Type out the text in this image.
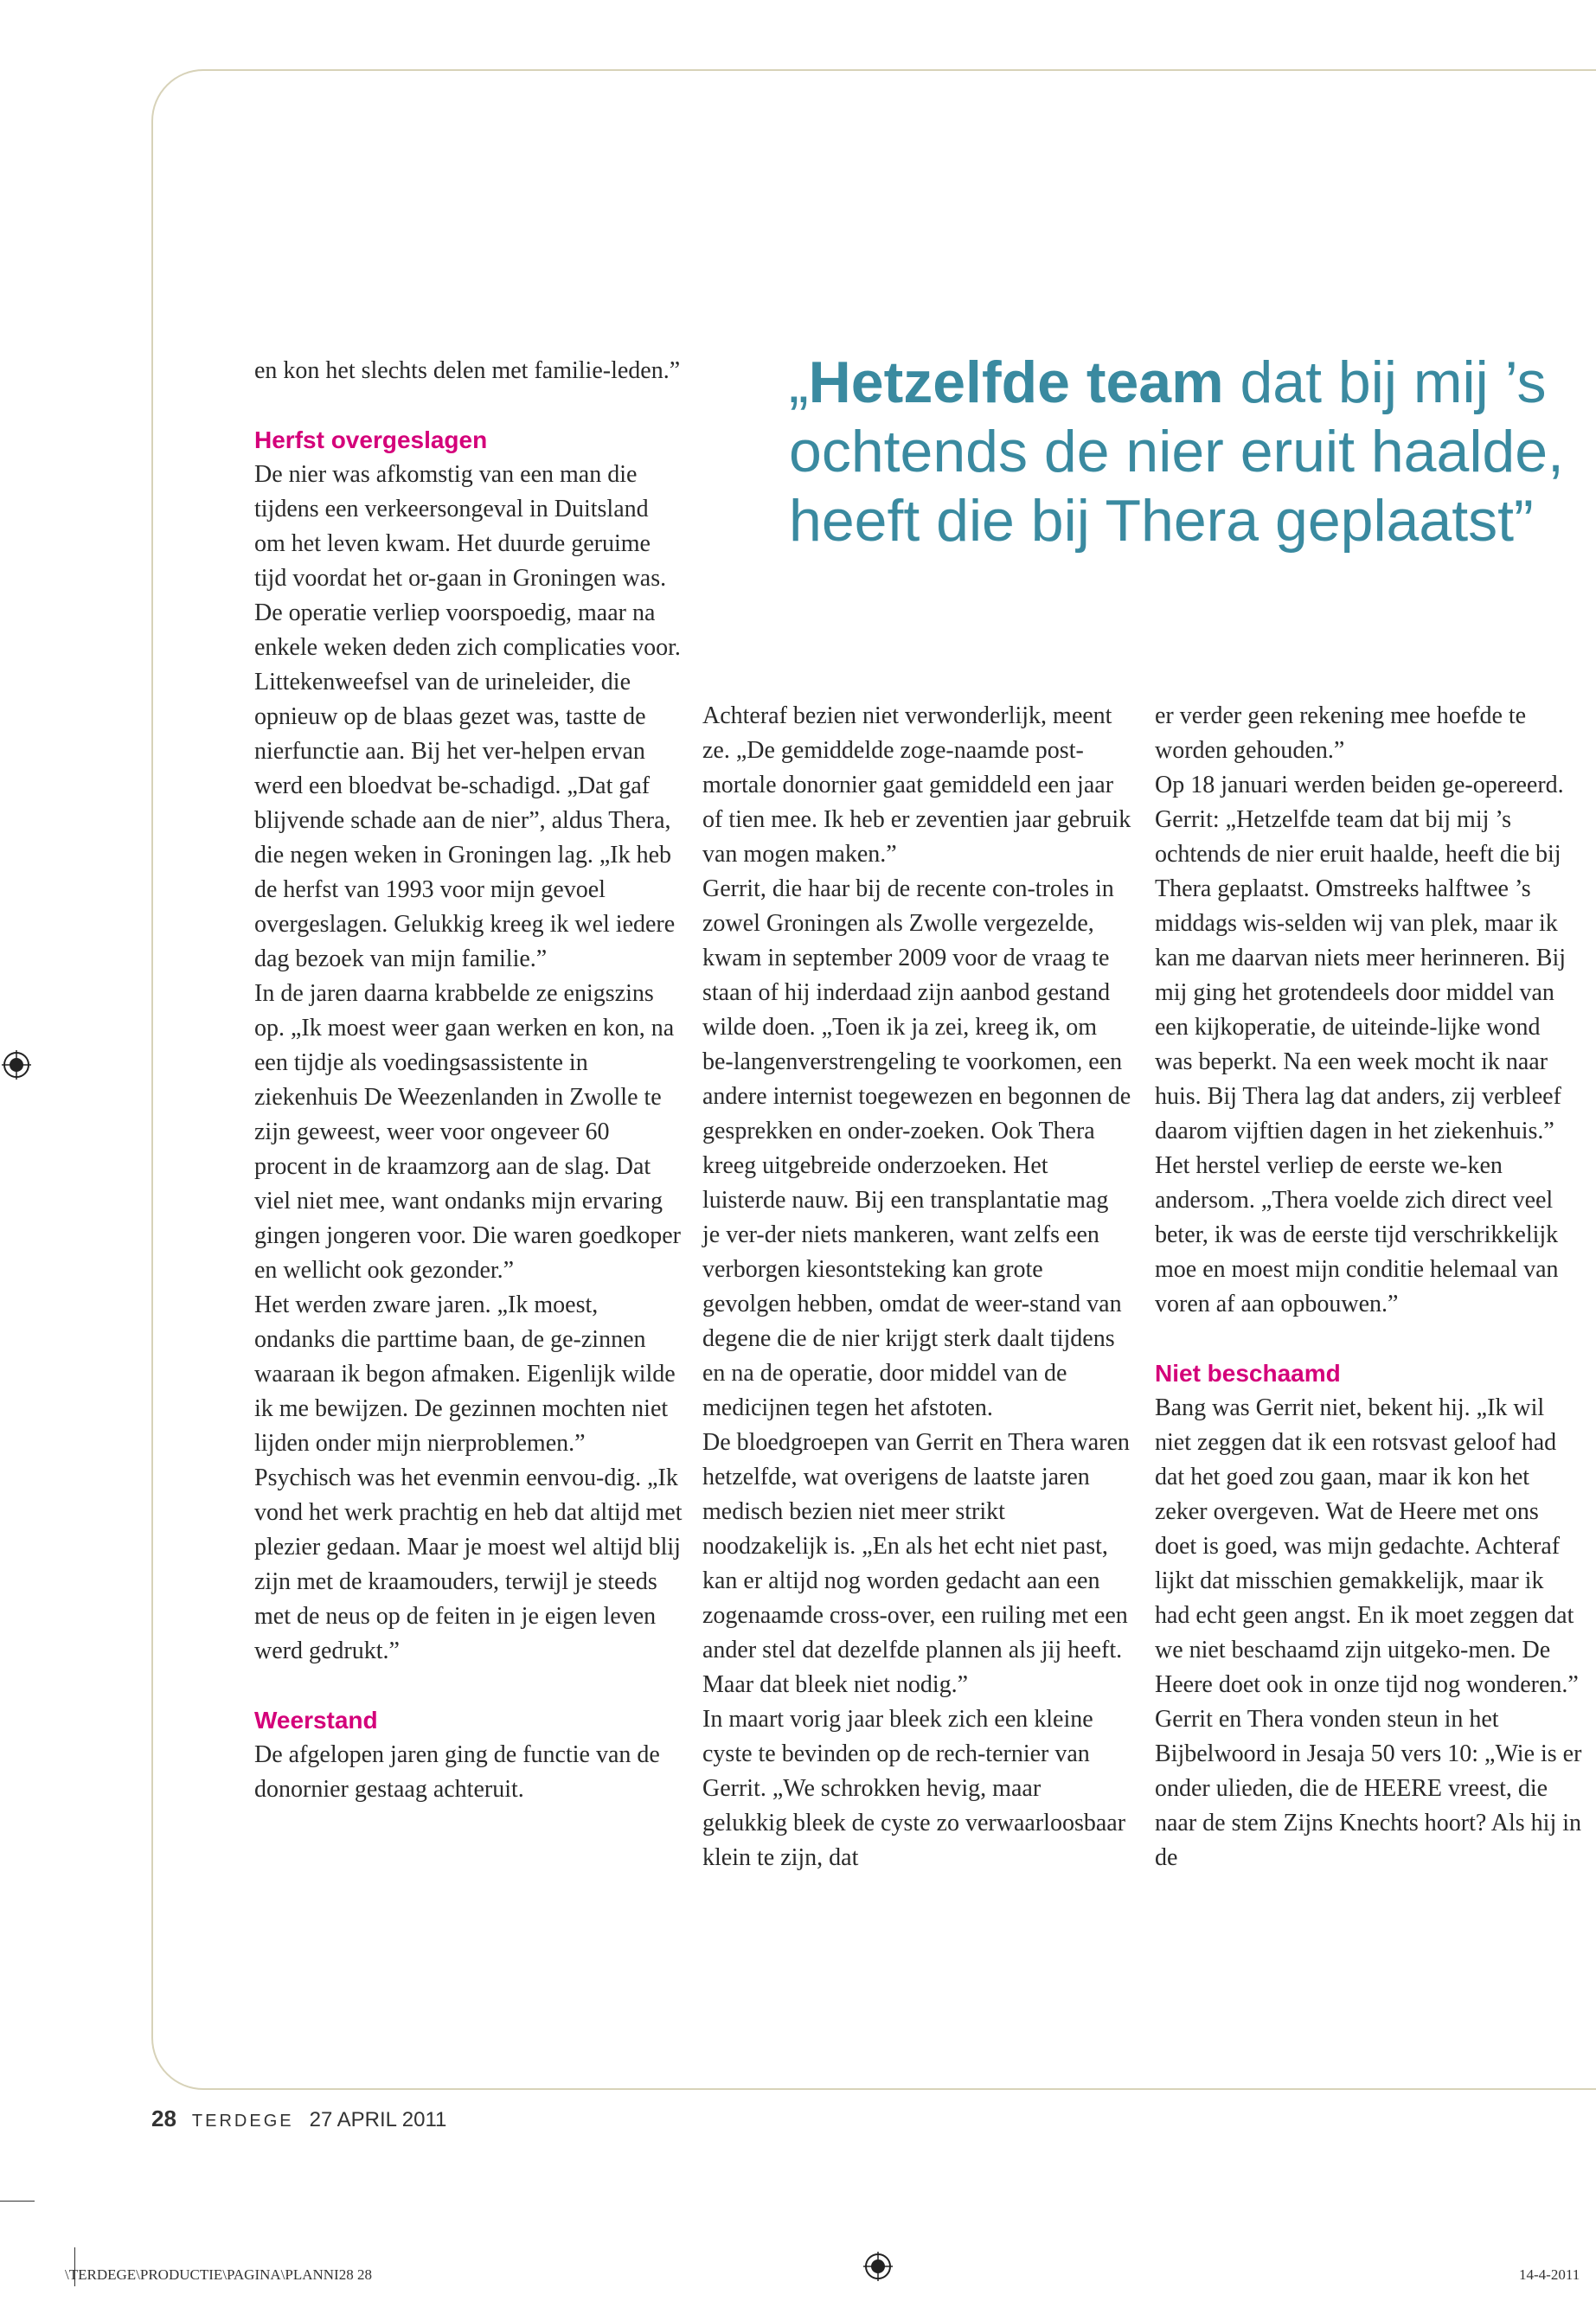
en kon het slechts delen met familie-leden.”

Herfst overgeslagen

De nier was afkomstig van een man die tijdens een verkeersongeval in Duitsland om het leven kwam. Het duurde geruime tijd voordat het or-gaan in Groningen was. De operatie verliep voorspoedig, maar na enkele weken deden zich complicaties voor. Littekenweefsel van de urineleider, die opnieuw op de blaas gezet was, tastte de nierfunctie aan. Bij het ver-helpen ervan werd een bloedvat be-schadigd. „Dat gaf blijvende schade aan de nier”, aldus Thera, die negen weken in Groningen lag. „Ik heb de herfst van 1993 voor mijn gevoel overgeslagen. Gelukkig kreeg ik wel iedere dag bezoek van mijn familie.”

In de jaren daarna krabbelde ze enigszins op. „Ik moest weer gaan werken en kon, na een tijdje als voedingsassistente in ziekenhuis De Weezenlanden in Zwolle te zijn geweest, weer voor ongeveer 60 procent in de kraamzorg aan de slag. Dat viel niet mee, want ondanks mijn ervaring gingen jongeren voor. Die waren goedkoper en wellicht ook gezonder.”

Het werden zware jaren. „Ik moest, ondanks die parttime baan, de ge-zinnen waaraan ik begon afmaken. Eigenlijk wilde ik me bewijzen. De gezinnen mochten niet lijden onder mijn nierproblemen.”

Psychisch was het evenmin eenvou-dig. „Ik vond het werk prachtig en heb dat altijd met plezier gedaan. Maar je moest wel altijd blij zijn met de kraamouders, terwijl je steeds met de neus op de feiten in je eigen leven werd gedrukt.”

Weerstand

De afgelopen jaren ging de functie van de donornier gestaag achteruit.

„Hetzelfde team dat bij mij ’s ochtends de nier eruit haalde, heeft die bij Thera geplaatst”

Achteraf bezien niet verwonderlijk, meent ze. „De gemiddelde zoge-naamde post-mortale donornier gaat gemiddeld een jaar of tien mee. Ik heb er zeventien jaar gebruik van mogen maken.”

Gerrit, die haar bij de recente con-troles in zowel Groningen als Zwolle vergezelde, kwam in september 2009 voor de vraag te staan of hij inderdaad zijn aanbod gestand wilde doen. „Toen ik ja zei, kreeg ik, om be-langenverstrengeling te voorkomen, een andere internist toegewezen en begonnen de gesprekken en onder-zoeken. Ook Thera kreeg uitgebreide onderzoeken. Het luisterde nauw. Bij een transplantatie mag je ver-der niets mankeren, want zelfs een verborgen kiesontsteking kan grote gevolgen hebben, omdat de weer-stand van degene die de nier krijgt sterk daalt tijdens en na de operatie, door middel van de medicijnen tegen het afstoten.

De bloedgroepen van Gerrit en Thera waren hetzelfde, wat overigens de laatste jaren medisch bezien niet meer strikt noodzakelijk is. „En als het echt niet past, kan er altijd nog worden gedacht aan een zogenaamde cross-over, een ruiling met een ander stel dat dezelfde plannen als jij heeft. Maar dat bleek niet nodig.”

In maart vorig jaar bleek zich een kleine cyste te bevinden op de rech-ternier van Gerrit. „We schrokken hevig, maar gelukkig bleek de cyste zo verwaarloosbaar klein te zijn, dat

er verder geen rekening mee hoefde te worden gehouden.”

Op 18 januari werden beiden ge-opereerd. Gerrit: „Hetzelfde team dat bij mij ’s ochtends de nier eruit haalde, heeft die bij Thera geplaatst. Omstreeks halftwee ’s middags wis-selden wij van plek, maar ik kan me daarvan niets meer herinneren. Bij mij ging het grotendeels door middel van een kijkoperatie, de uiteinde-lijke wond was beperkt. Na een week mocht ik naar huis. Bij Thera lag dat anders, zij verbleef daarom vijftien dagen in het ziekenhuis.”

Het herstel verliep de eerste we-ken andersom. „Thera voelde zich direct veel beter, ik was de eerste tijd verschrikkelijk moe en moest mijn conditie helemaal van voren af aan opbouwen.”

Niet beschaamd

Bang was Gerrit niet, bekent hij. „Ik wil niet zeggen dat ik een rotsvast geloof had dat het goed zou gaan, maar ik kon het zeker overgeven. Wat de Heere met ons doet is goed, was mijn gedachte. Achteraf lijkt dat misschien gemakkelijk, maar ik had echt geen angst. En ik moet zeggen dat we niet beschaamd zijn uitgeko-men. De Heere doet ook in onze tijd nog wonderen.”

Gerrit en Thera vonden steun in het Bijbelwoord in Jesaja 50 vers 10: „Wie is er onder ulieden, die de HEERE vreest, die naar de stem Zijns Knechts hoort? Als hij in de

28 TERDEGE 27 APRIL 2011
\TERDEGE\PRODUCTIE\PAGINA\PLANNI28 28	14-4-2011
